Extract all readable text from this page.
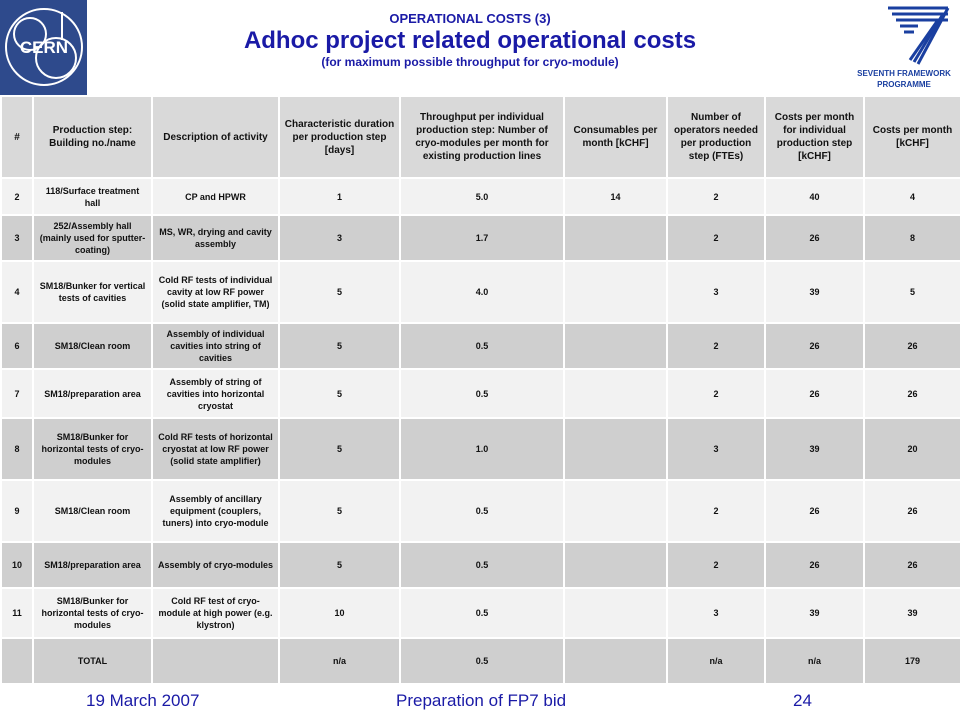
CERN
OPERATIONAL COSTS (3)
Adhoc project related operational costs
(for maximum possible throughput for cryo-module)
SEVENTH FRAMEWORK
PROGRAMME
#	Production step: Building no./name	Description of activity	Characteristic duration per production step [days]	Throughput per individual production step: Number of cryo-modules per month for existing production lines	Consumables per month [kCHF]	Number of operators needed per production step (FTEs)	Costs per month for individual production step [kCHF]	Costs per month [kCHF]
2	118/Surface treatment hall	CP and HPWR	1	5.0	14	2	40	4
3	252/Assembly hall (mainly used for sputter-coating)	MS, WR, drying and cavity assembly	3	1.7		2	26	8
4	SM18/Bunker for vertical tests of cavities	Cold RF tests of individual cavity at low RF power (solid state amplifier, TM)	5	4.0		3	39	5
6	SM18/Clean room	Assembly of individual cavities into string of cavities	5	0.5		2	26	26
7	SM18/preparation area	Assembly of string of cavities into horizontal cryostat	5	0.5		2	26	26
8	SM18/Bunker for horizontal tests of cryo-modules	Cold RF tests of horizontal cryostat at low RF power (solid state amplifier)	5	1.0		3	39	20
9	SM18/Clean room	Assembly of ancillary equipment (couplers, tuners) into cryo-module	5	0.5		2	26	26
10	SM18/preparation area	Assembly of cryo-modules	5	0.5		2	26	26
11	SM18/Bunker for horizontal tests of cryo-modules	Cold RF test of cryo-module at high power (e.g. klystron)	10	0.5		3	39	39
	TOTAL		n/a	0.5		n/a	n/a	179
19 March 2007	Preparation of FP7 bid	24
